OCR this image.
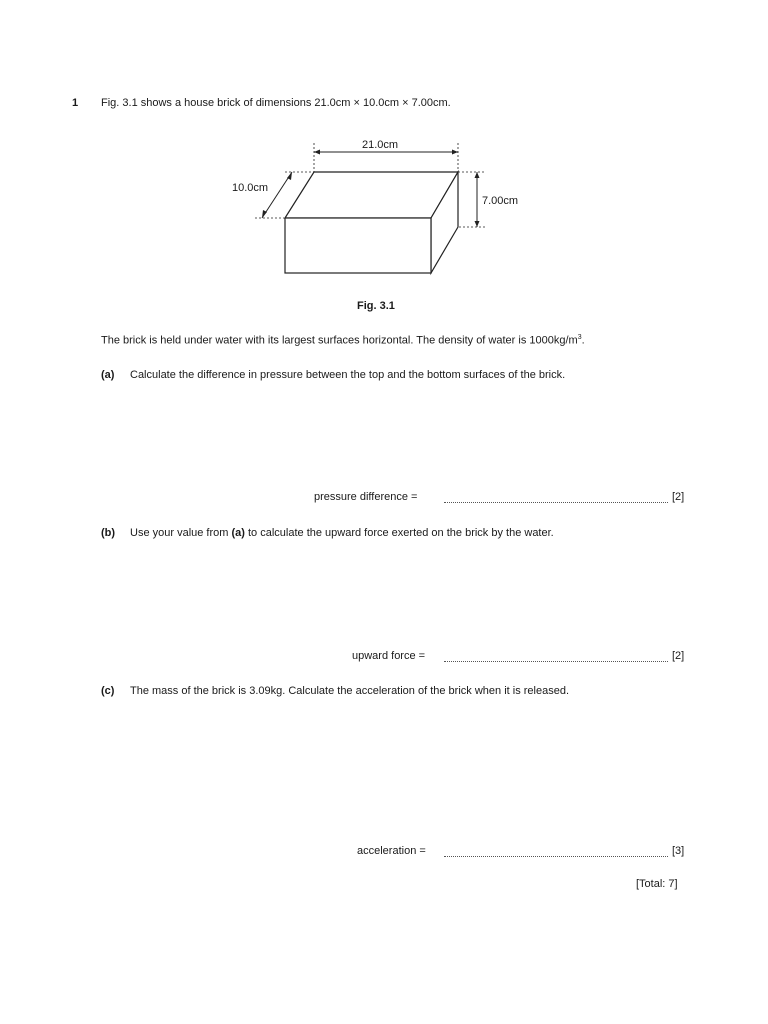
1 Fig. 3.1 shows a house brick of dimensions 21.0cm × 10.0cm × 7.00cm.
21.0cm
10.0cm
7.00cm
Fig. 3.1
The brick is held under water with its largest surfaces horizontal. The density of water is $1000kg/m^3$.
(a) Calculate the difference in pressure between the top and the bottom surfaces of the brick.
pressure difference =	[2]
(b) Use your value from (a) to calculate the upward force exerted on the brick by the water.
upward force =	[2]
(c) The mass of the brick is 3.09kg. Calculate the acceleration of the brick when it is released.
acceleration =	[3]
[Total: 7]
